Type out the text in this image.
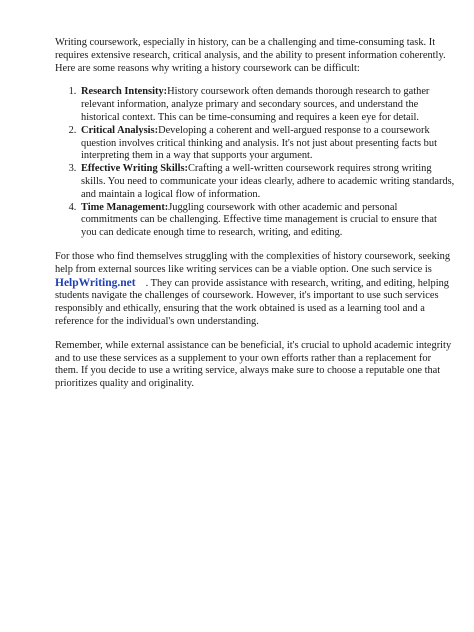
Writing coursework, especially in history, can be a challenging and time-consuming task. It requires extensive research, critical analysis, and the ability to present information coherently. Here are some reasons why writing a history coursework can be difficult:

1. Research Intensity:History coursework often demands thorough research to gather relevant information, analyze primary and secondary sources, and understand the historical context. This can be time-consuming and requires a keen eye for detail.
2. Critical Analysis:Developing a coherent and well-argued response to a coursework question involves critical thinking and analysis. It's not just about presenting facts but interpreting them in a way that supports your argument.
3. Effective Writing Skills:Crafting a well-written coursework requires strong writing skills. You need to communicate your ideas clearly, adhere to academic writing standards, and maintain a logical flow of information.
4. Time Management:Juggling coursework with other academic and personal commitments can be challenging. Effective time management is crucial to ensure that you can dedicate enough time to research, writing, and editing.

For those who find themselves struggling with the complexities of history coursework, seeking help from external sources like writing services can be a viable option. One such service is
HelpWriting.net . They can provide assistance with research, writing, and editing, helping students navigate the challenges of coursework. However, it's important to use such services responsibly and ethically, ensuring that the work obtained is used as a learning tool and a reference for the individual's own understanding.

Remember, while external assistance can be beneficial, it's crucial to uphold academic integrity and to use these services as a supplement to your own efforts rather than a replacement for them. If you decide to use a writing service, always make sure to choose a reputable one that prioritizes quality and originality.
